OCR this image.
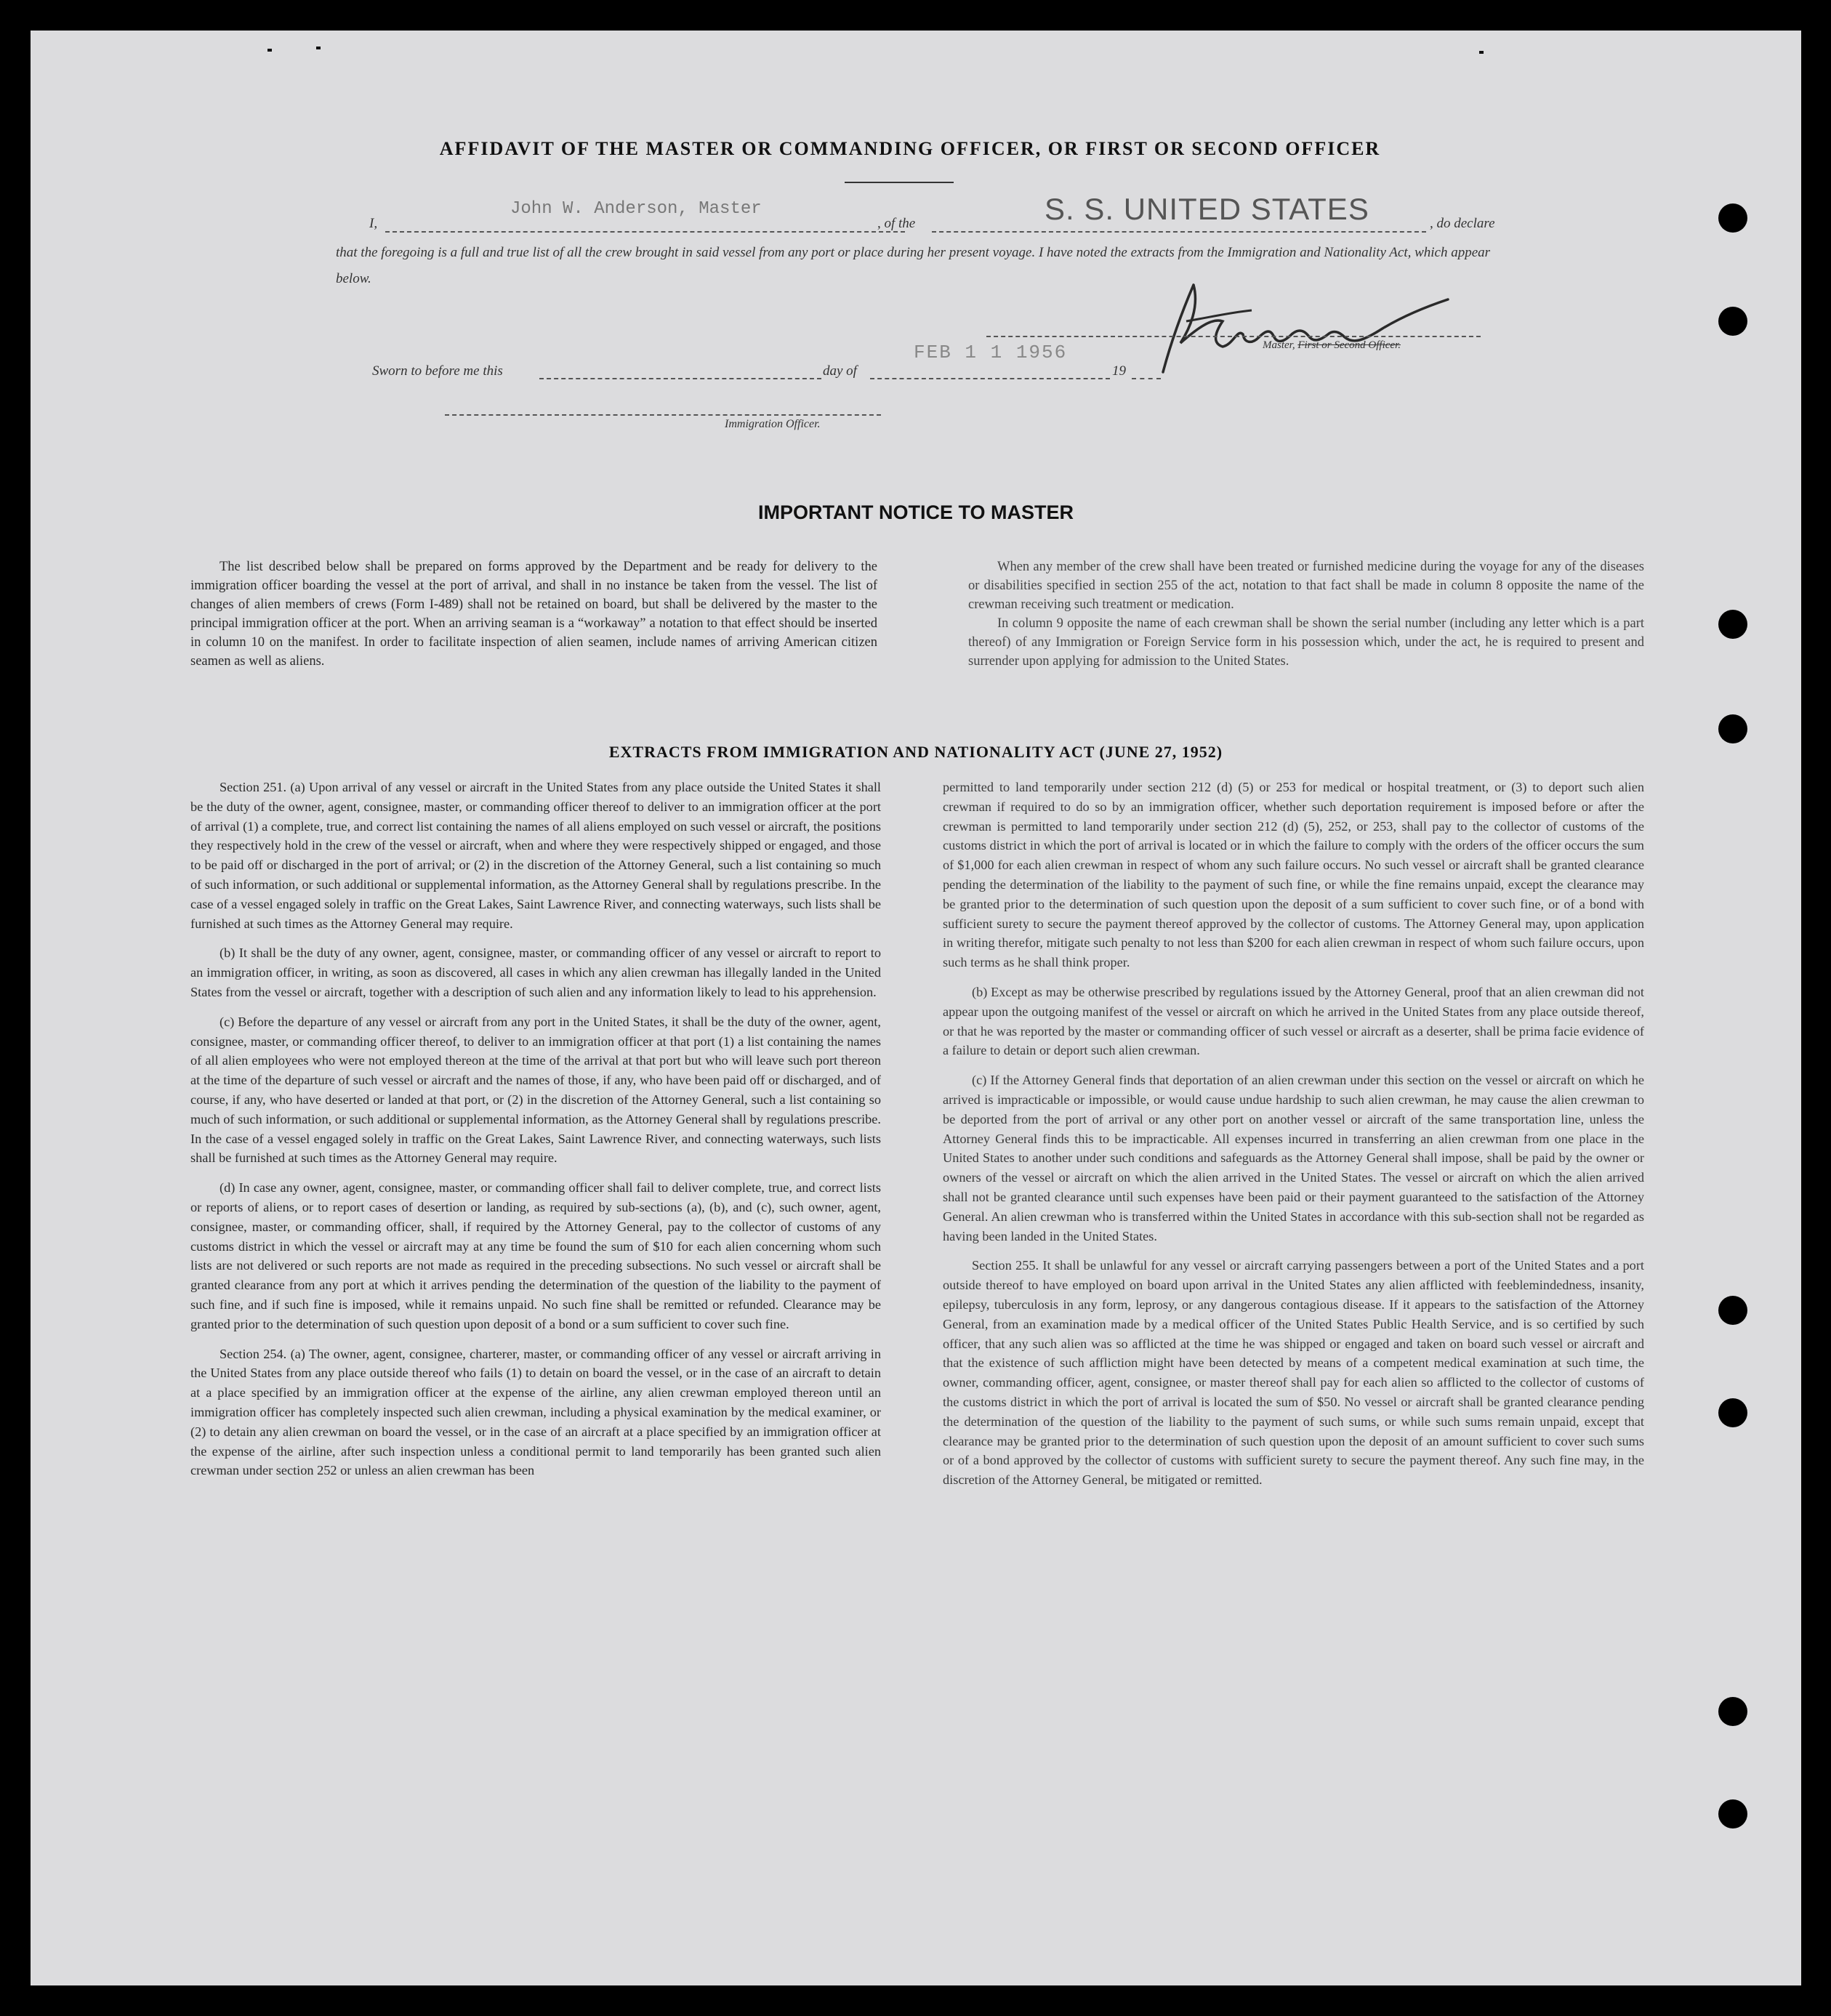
AFFIDAVIT OF THE MASTER OR COMMANDING OFFICER, OR FIRST OR SECOND OFFICER
I,
John W. Anderson, Master
, of the	S. S. UNITED STATES	, do declare
that the foregoing is a full and true list of all the crew brought in said vessel from any port or place during her present voyage. I have noted the extracts from the Immigration and Nationality Act, which appear below.
Master, First or Second Officer.
Sworn to before me this	day of
FEB 1 1 1956
19
Immigration Officer.
IMPORTANT NOTICE TO MASTER

The list described below shall be prepared on forms approved by the Department and be ready for delivery to the immigration officer boarding the vessel at the port of arrival, and shall in no instance be taken from the vessel. The list of changes of alien members of crews (Form I-489) shall not be retained on board, but shall be delivered by the master to the principal immigration officer at the port. When an arriving seaman is a “workaway” a notation to that effect should be inserted in column 10 on the manifest. In order to facilitate inspection of alien seamen, include names of arriving American citizen seamen as well as aliens.

When any member of the crew shall have been treated or furnished medicine during the voyage for any of the diseases or disabilities specified in section 255 of the act, notation to that fact shall be made in column 8 opposite the name of the crewman receiving such treatment or medication.

In column 9 opposite the name of each crewman shall be shown the serial number (including any letter which is a part thereof) of any Immigration or Foreign Service form in his possession which, under the act, he is required to present and surrender upon applying for admission to the United States.

EXTRACTS FROM IMMIGRATION AND NATIONALITY ACT (JUNE 27, 1952)

Section 251. (a) Upon arrival of any vessel or aircraft in the United States from any place outside the United States it shall be the duty of the owner, agent, consignee, master, or commanding officer thereof to deliver to an immigration officer at the port of arrival (1) a complete, true, and correct list containing the names of all aliens employed on such vessel or aircraft, the positions they respectively hold in the crew of the vessel or aircraft, when and where they were respectively shipped or engaged, and those to be paid off or discharged in the port of arrival; or (2) in the discretion of the Attorney General, such a list containing so much of such information, or such additional or supplemental information, as the Attorney General shall by regulations prescribe. In the case of a vessel engaged solely in traffic on the Great Lakes, Saint Lawrence River, and connecting waterways, such lists shall be furnished at such times as the Attorney General may require.

(b) It shall be the duty of any owner, agent, consignee, master, or commanding officer of any vessel or aircraft to report to an immigration officer, in writing, as soon as discovered, all cases in which any alien crewman has illegally landed in the United States from the vessel or aircraft, together with a description of such alien and any information likely to lead to his apprehension.

(c) Before the departure of any vessel or aircraft from any port in the United States, it shall be the duty of the owner, agent, consignee, master, or commanding officer thereof, to deliver to an immigration officer at that port (1) a list containing the names of all alien employees who were not employed thereon at the time of the arrival at that port but who will leave such port thereon at the time of the departure of such vessel or aircraft and the names of those, if any, who have been paid off or discharged, and of course, if any, who have deserted or landed at that port, or (2) in the discretion of the Attorney General, such a list containing so much of such information, or such additional or supplemental information, as the Attorney General shall by regulations prescribe. In the case of a vessel engaged solely in traffic on the Great Lakes, Saint Lawrence River, and connecting waterways, such lists shall be furnished at such times as the Attorney General may require.

(d) In case any owner, agent, consignee, master, or commanding officer shall fail to deliver complete, true, and correct lists or reports of aliens, or to report cases of desertion or landing, as required by sub-sections (a), (b), and (c), such owner, agent, consignee, master, or commanding officer, shall, if required by the Attorney General, pay to the collector of customs of any customs district in which the vessel or aircraft may at any time be found the sum of $10 for each alien concerning whom such lists are not delivered or such reports are not made as required in the preceding subsections. No such vessel or aircraft shall be granted clearance from any port at which it arrives pending the determination of the question of the liability to the payment of such fine, and if such fine is imposed, while it remains unpaid. No such fine shall be remitted or refunded. Clearance may be granted prior to the determination of such question upon deposit of a bond or a sum sufficient to cover such fine.

Section 254. (a) The owner, agent, consignee, charterer, master, or commanding officer of any vessel or aircraft arriving in the United States from any place outside thereof who fails (1) to detain on board the vessel, or in the case of an aircraft to detain at a place specified by an immigration officer at the expense of the airline, any alien crewman employed thereon until an immigration officer has completely inspected such alien crewman, including a physical examination by the medical examiner, or (2) to detain any alien crewman on board the vessel, or in the case of an aircraft at a place specified by an immigration officer at the expense of the airline, after such inspection unless a conditional permit to land temporarily has been granted such alien crewman under section 252 or unless an alien crewman has been

permitted to land temporarily under section 212 (d) (5) or 253 for medical or hospital treatment, or (3) to deport such alien crewman if required to do so by an immigration officer, whether such deportation requirement is imposed before or after the crewman is permitted to land temporarily under section 212 (d) (5), 252, or 253, shall pay to the collector of customs of the customs district in which the port of arrival is located or in which the failure to comply with the orders of the officer occurs the sum of $1,000 for each alien crewman in respect of whom any such failure occurs. No such vessel or aircraft shall be granted clearance pending the determination of the liability to the payment of such fine, or while the fine remains unpaid, except the clearance may be granted prior to the determination of such question upon the deposit of a sum sufficient to cover such fine, or of a bond with sufficient surety to secure the payment thereof approved by the collector of customs. The Attorney General may, upon application in writing therefor, mitigate such penalty to not less than $200 for each alien crewman in respect of whom such failure occurs, upon such terms as he shall think proper.

(b) Except as may be otherwise prescribed by regulations issued by the Attorney General, proof that an alien crewman did not appear upon the outgoing manifest of the vessel or aircraft on which he arrived in the United States from any place outside thereof, or that he was reported by the master or commanding officer of such vessel or aircraft as a deserter, shall be prima facie evidence of a failure to detain or deport such alien crewman.

(c) If the Attorney General finds that deportation of an alien crewman under this section on the vessel or aircraft on which he arrived is impracticable or impossible, or would cause undue hardship to such alien crewman, he may cause the alien crewman to be deported from the port of arrival or any other port on another vessel or aircraft of the same transportation line, unless the Attorney General finds this to be impracticable. All expenses incurred in transferring an alien crewman from one place in the United States to another under such conditions and safeguards as the Attorney General shall impose, shall be paid by the owner or owners of the vessel or aircraft on which the alien arrived in the United States. The vessel or aircraft on which the alien arrived shall not be granted clearance until such expenses have been paid or their payment guaranteed to the satisfaction of the Attorney General. An alien crewman who is transferred within the United States in accordance with this sub-section shall not be regarded as having been landed in the United States.

Section 255. It shall be unlawful for any vessel or aircraft carrying passengers between a port of the United States and a port outside thereof to have employed on board upon arrival in the United States any alien afflicted with feeblemindedness, insanity, epilepsy, tuberculosis in any form, leprosy, or any dangerous contagious disease. If it appears to the satisfaction of the Attorney General, from an examination made by a medical officer of the United States Public Health Service, and is so certified by such officer, that any such alien was so afflicted at the time he was shipped or engaged and taken on board such vessel or aircraft and that the existence of such affliction might have been detected by means of a competent medical examination at such time, the owner, commanding officer, agent, consignee, or master thereof shall pay for each alien so afflicted to the collector of customs of the customs district in which the port of arrival is located the sum of $50. No vessel or aircraft shall be granted clearance pending the determination of the question of the liability to the payment of such sums, or while such sums remain unpaid, except that clearance may be granted prior to the determination of such question upon the deposit of an amount sufficient to cover such sums or of a bond approved by the collector of customs with sufficient surety to secure the payment thereof. Any such fine may, in the discretion of the Attorney General, be mitigated or remitted.
